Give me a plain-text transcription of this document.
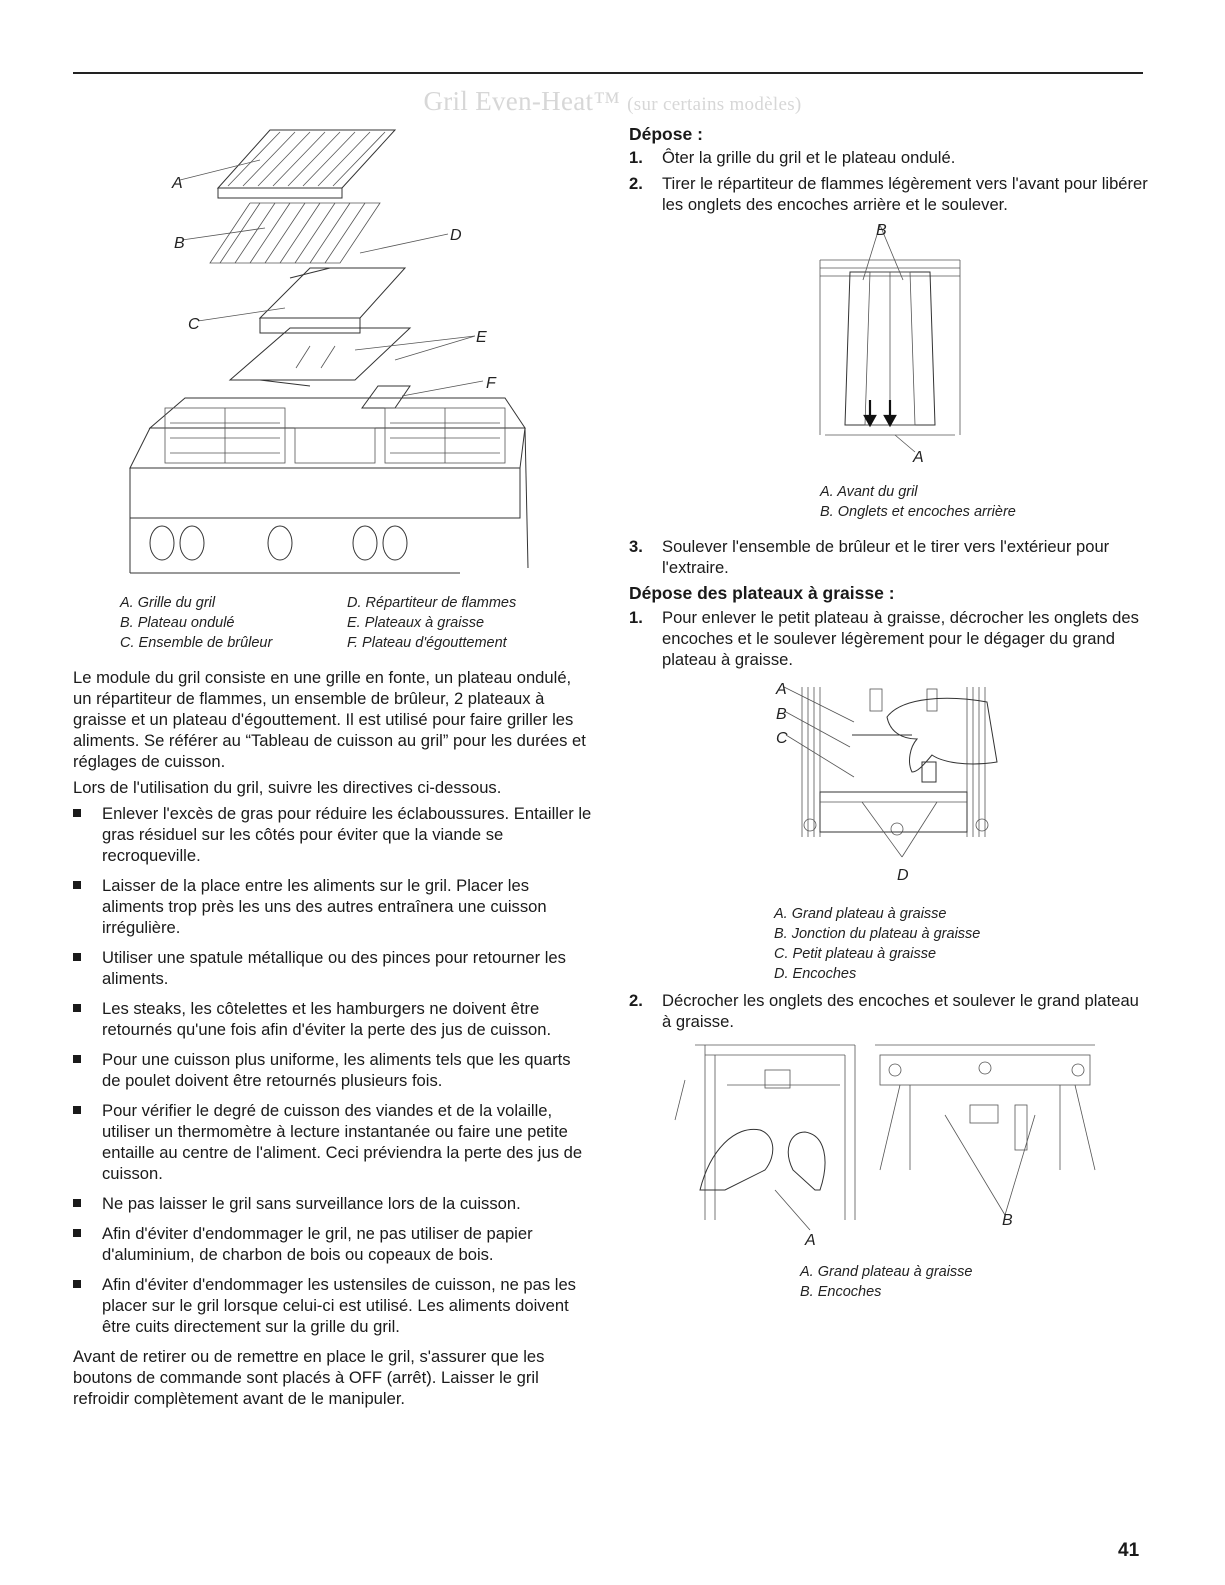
Gril Even-Heat™ (sur certains modèles)
A
B
C
D
E
F
A. Grille du gril
B. Plateau ondulé
C. Ensemble de brûleur
D. Répartiteur de flammes
E. Plateaux à graisse
F. Plateau d'égouttement

Le module du gril consiste en une grille en fonte, un plateau ondulé, un répartiteur de flammes, un ensemble de brûleur, 2 plateaux à graisse et un plateau d'égouttement. Il est utilisé pour faire griller les aliments. Se référer au “Tableau de cuisson au gril” pour les durées et réglages de cuisson.

Lors de l'utilisation du gril, suivre les directives ci-dessous.

Enlever l'excès de gras pour réduire les éclaboussures. Entailler le gras résiduel sur les côtés pour éviter que la viande se recroqueville.
Laisser de la place entre les aliments sur le gril. Placer les aliments trop près les uns des autres entraînera une cuisson irrégulière.
Utiliser une spatule métallique ou des pinces pour retourner les aliments.
Les steaks, les côtelettes et les hamburgers ne doivent être retournés qu'une fois afin d'éviter la perte des jus de cuisson.
Pour une cuisson plus uniforme, les aliments tels que les quarts de poulet doivent être retournés plusieurs fois.
Pour vérifier le degré de cuisson des viandes et de la volaille, utiliser un thermomètre à lecture instantanée ou faire une petite entaille au centre de l'aliment. Ceci préviendra la perte des jus de cuisson.
Ne pas laisser le gril sans surveillance lors de la cuisson.
Afin d'éviter d'endommager le gril, ne pas utiliser de papier d'aluminium, de charbon de bois ou copeaux de bois.
Afin d'éviter d'endommager les ustensiles de cuisson, ne pas les placer sur le gril lorsque celui-ci est utilisé. Les aliments doivent être cuits directement sur la grille du gril.

Avant de retirer ou de remettre en place le gril, s'assurer que les boutons de commande sont placés à OFF (arrêt). Laisser le gril refroidir complètement avant de le manipuler.

Dépose :
1. Ôter la grille du gril et le plateau ondulé.
2. Tirer le répartiteur de flammes légèrement vers l'avant pour libérer les onglets des encoches arrière et le soulever.
B
A
A. Avant du gril
B. Onglets et encoches arrière
3. Soulever l'ensemble de brûleur et le tirer vers l'extérieur pour l'extraire.
Dépose des plateaux à graisse :
1. Pour enlever le petit plateau à graisse, décrocher les onglets des encoches et le soulever légèrement pour le dégager du grand plateau à graisse.
A
B
C
D
A. Grand plateau à graisse
B. Jonction du plateau à graisse
C. Petit plateau à graisse
D. Encoches
2. Décrocher les onglets des encoches et soulever le grand plateau à graisse.
A
B
A. Grand plateau à graisse
B. Encoches
41
